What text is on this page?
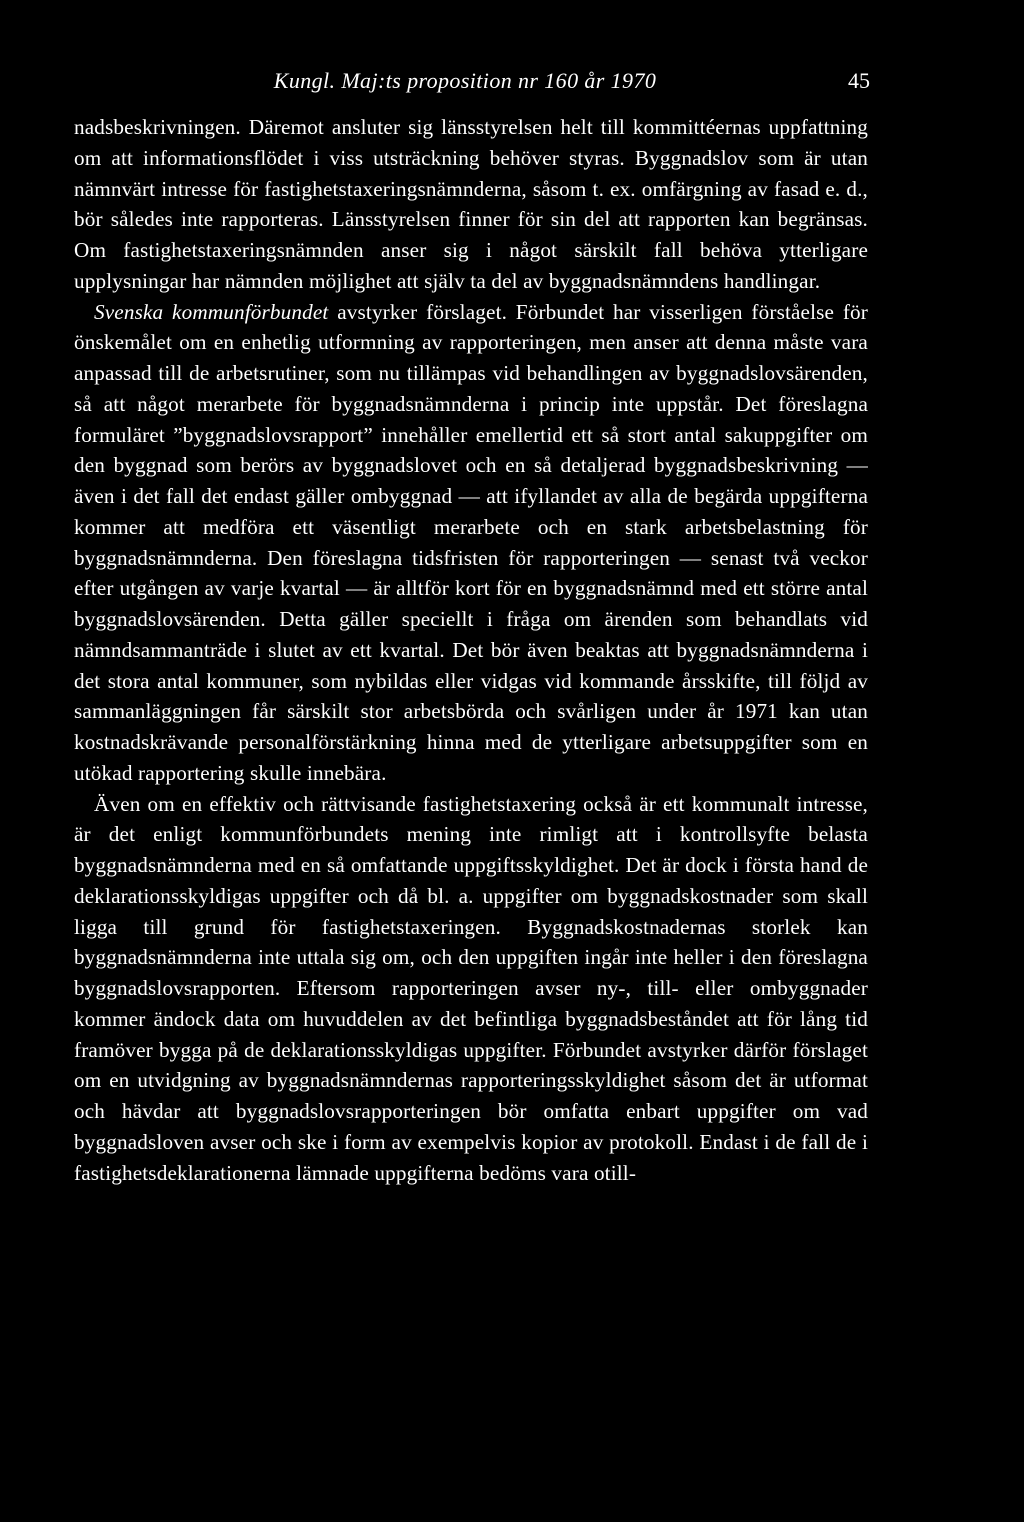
Kungl. Maj:ts proposition nr 160 år 1970	45

nadsbeskrivningen. Däremot ansluter sig länsstyrelsen helt till kommittéernas uppfattning om att informationsflödet i viss utsträckning behöver styras. Byggnadslov som är utan nämnvärt intresse för fastighetstaxeringsnämnderna, såsom t. ex. omfärgning av fasad e. d., bör således inte rapporteras. Länsstyrelsen finner för sin del att rapporten kan begränsas. Om fastighetstaxeringsnämnden anser sig i något särskilt fall behöva ytterligare upplysningar har nämnden möjlighet att själv ta del av byggnadsnämndens handlingar.

Svenska kommunförbundet avstyrker förslaget. Förbundet har visserligen förståelse för önskemålet om en enhetlig utformning av rapporteringen, men anser att denna måste vara anpassad till de arbetsrutiner, som nu tillämpas vid behandlingen av byggnadslovsärenden, så att något merarbete för byggnadsnämnderna i princip inte uppstår. Det föreslagna formuläret ”byggnadslovsrapport” innehåller emellertid ett så stort antal sakuppgifter om den byggnad som berörs av byggnadslovet och en så detaljerad byggnadsbeskrivning — även i det fall det endast gäller ombyggnad — att ifyllandet av alla de begärda uppgifterna kommer att medföra ett väsentligt merarbete och en stark arbetsbelastning för byggnadsnämnderna. Den föreslagna tidsfristen för rapporteringen — senast två veckor efter utgången av varje kvartal — är alltför kort för en byggnadsnämnd med ett större antal byggnadslovsärenden. Detta gäller speciellt i fråga om ärenden som behandlats vid nämndsammanträde i slutet av ett kvartal. Det bör även beaktas att byggnadsnämnderna i det stora antal kommuner, som nybildas eller vidgas vid kommande årsskifte, till följd av sammanläggningen får särskilt stor arbetsbörda och svårligen under år 1971 kan utan kostnadskrävande personalförstärkning hinna med de ytterligare arbetsuppgifter som en utökad rapportering skulle innebära.

Även om en effektiv och rättvisande fastighetstaxering också är ett kommunalt intresse, är det enligt kommunförbundets mening inte rimligt att i kontrollsyfte belasta byggnadsnämnderna med en så omfattande uppgiftsskyldighet. Det är dock i första hand de deklarationsskyldigas uppgifter och då bl. a. uppgifter om byggnadskostnader som skall ligga till grund för fastighetstaxeringen. Byggnadskostnadernas storlek kan byggnadsnämnderna inte uttala sig om, och den uppgiften ingår inte heller i den föreslagna byggnadslovsrapporten. Eftersom rapporteringen avser ny-, till- eller ombyggnader kommer ändock data om huvuddelen av det befintliga byggnadsbeståndet att för lång tid framöver bygga på de deklarationsskyldigas uppgifter. Förbundet avstyrker därför förslaget om en utvidgning av byggnadsnämndernas rapporteringsskyldighet såsom det är utformat och hävdar att byggnadslovsrapporteringen bör omfatta enbart uppgifter om vad byggnadsloven avser och ske i form av exempelvis kopior av protokoll. Endast i de fall de i fastighetsdeklarationerna lämnade uppgifterna bedöms vara otill-
